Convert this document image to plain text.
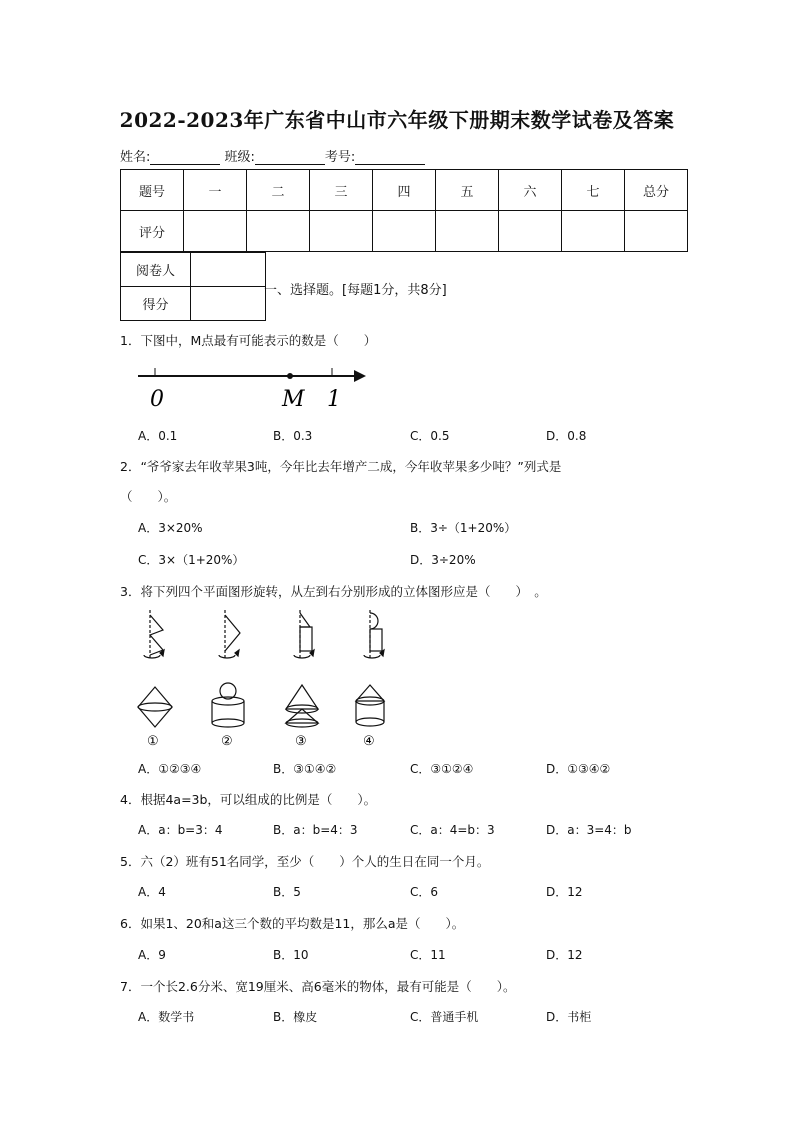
2022-2023年广东省中山市六年级下册期末数学试卷及答案
姓名:	班级:	考号:
题号	一	二	三	四	五	六	七	总分
评分								
阅卷人	
得分	
一、选择题。[每题1分，共8分]
1．下图中，M点最有可能表示的数是（　　）
0	M 1
A．0.1	B．0.3	C．0.5	D．0.8
2．“爷爷家去年收苹果3吨，今年比去年增产二成，今年收苹果多少吨？”列式是
（　　）。
A．3×20%	B．3÷（1+20%）
C．3×（1+20%）	D．3÷20%
3．将下列四个平面图形旋转，从左到右分别形成的立体图形应是（　　）　。
①	②	③	④
A．①②③④	B．③①④②	C．③①②④	D．①③④②
4．根据4a=3b，可以组成的比例是（　　）。
A．a：b=3：4	B．a：b=4：3	C．a：4=b：3	D．a：3=4：b
5．六（2）班有51名同学，至少（　　）个人的生日在同一个月。
A．4	B．5	C．6	D．12
6．如果1、20和a这三个数的平均数是11，那么a是（　　）。
A．9	B．10	C．11	D．12
7．一个长2.6分米、宽19厘米、高6毫米的物体，最有可能是（　　）。
A．数学书	B．橡皮	C．普通手机	D．书柜
